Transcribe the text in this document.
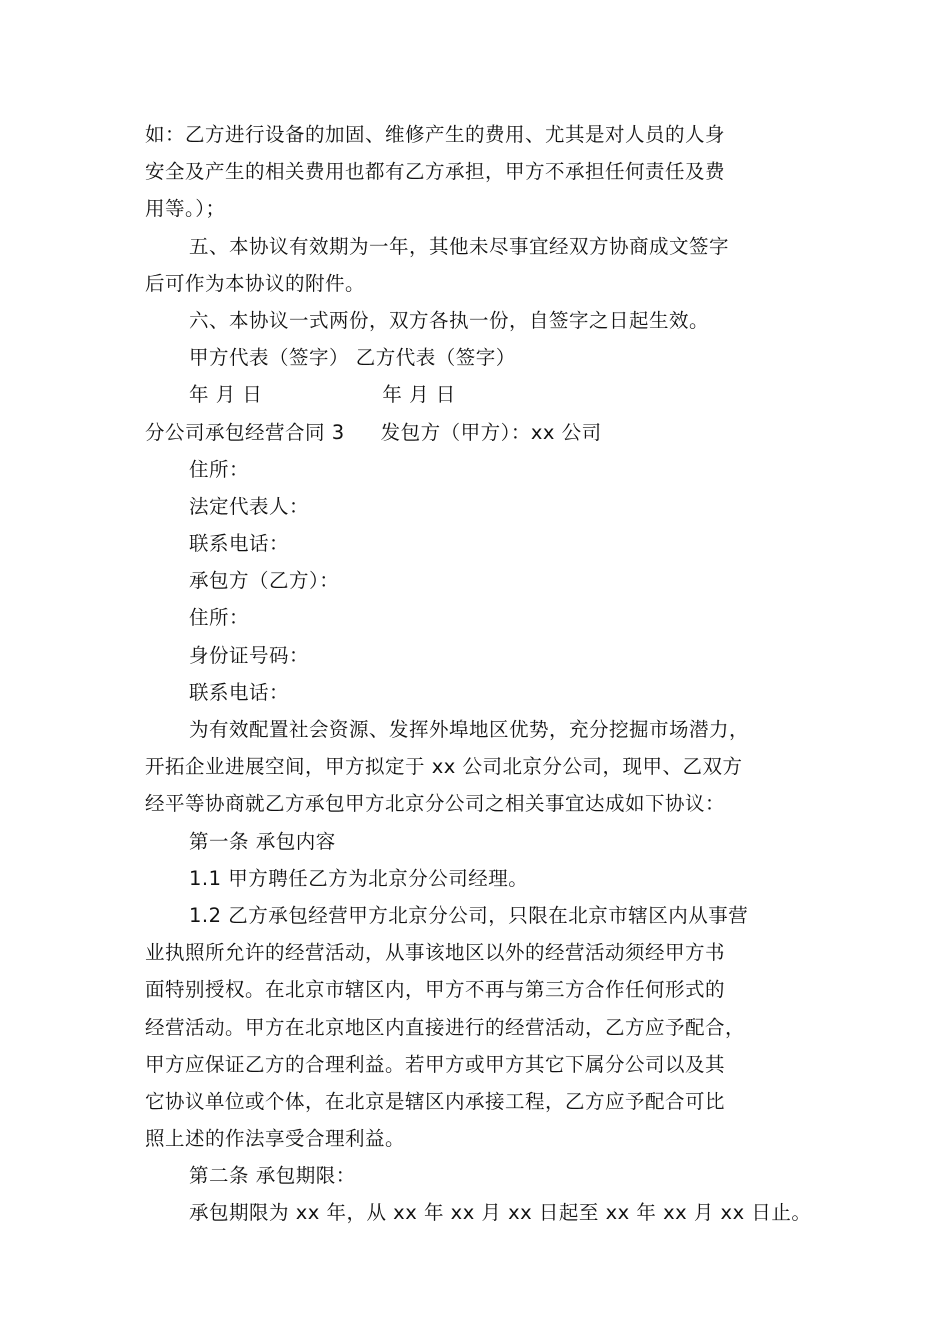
如：乙方进行设备的加固、维修产生的费用、尤其是对人员的人身
安全及产生的相关费用也都有乙方承担，甲方不承担任何责任及费
用等。）；
五、本协议有效期为一年，其他未尽事宜经双方协商成文签字
后可作为本协议的附件。
六、本协议一式两份，双方各执一份，自签字之日起生效。
甲方代表（签字） 乙方代表（签字）
年 月 日	年 月 日
分公司承包经营合同 3 发包方（甲方）：xx 公司
住所：
法定代表人：
联系电话：
承包方（乙方）：
住所：
身份证号码：
联系电话：
为有效配置社会资源、发挥外埠地区优势，充分挖掘市场潜力，
开拓企业进展空间，甲方拟定于 xx 公司北京分公司，现甲、乙双方
经平等协商就乙方承包甲方北京分公司之相关事宜达成如下协议：
第一条 承包内容
1.1 甲方聘任乙方为北京分公司经理。
1.2 乙方承包经营甲方北京分公司，只限在北京市辖区内从事营
业执照所允许的经营活动，从事该地区以外的经营活动须经甲方书
面特别授权。在北京市辖区内，甲方不再与第三方合作任何形式的
经营活动。甲方在北京地区内直接进行的经营活动，乙方应予配合，
甲方应保证乙方的合理利益。若甲方或甲方其它下属分公司以及其
它协议单位或个体，在北京是辖区内承接工程，乙方应予配合可比
照上述的作法享受合理利益。
第二条 承包期限：
承包期限为 xx 年，从 xx 年 xx 月 xx 日起至 xx 年 xx 月 xx 日止。
